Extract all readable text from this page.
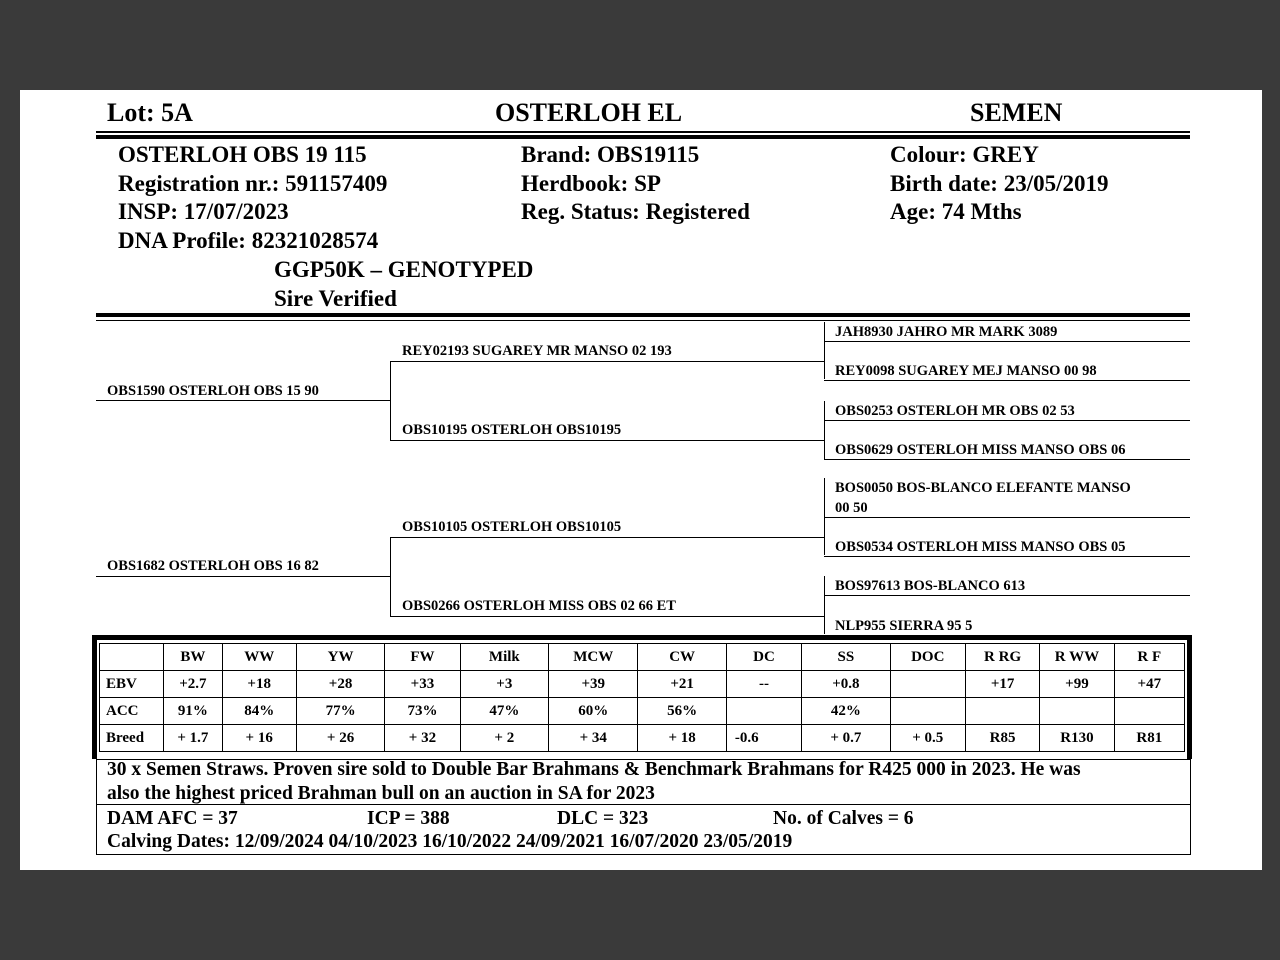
Lot: 5A	OSTERLOH EL	SEMEN
OSTERLOH OBS 19 115
Registration nr.: 591157409
INSP: 17/07/2023
DNA Profile: 82321028574
GGP50K – GENOTYPED
Sire Verified
Brand: OBS19115
Herdbook: SP
Reg. Status: Registered
Colour: GREY
Birth date: 23/05/2019
Age: 74 Mths
OBS1590 OSTERLOH OBS 15 90
OBS1682 OSTERLOH OBS 16 82
REY02193 SUGAREY MR MANSO 02 193
OBS10195 OSTERLOH OBS10195
OBS10105 OSTERLOH OBS10105
OBS0266 OSTERLOH MISS OBS 02 66 ET
JAH8930 JAHRO MR MARK 3089
REY0098 SUGAREY MEJ MANSO 00 98
OBS0253 OSTERLOH MR OBS 02 53
OBS0629 OSTERLOH MISS MANSO OBS 06
BOS0050 BOS-BLANCO ELEFANTE MANSO
00 50
OBS0534 OSTERLOH MISS MANSO OBS 05
BOS97613 BOS-BLANCO 613
NLP955 SIERRA 95 5
	BW	WW	YW	FW	Milk	MCW	CW	DC	SS	DOC	R RG	R WW	R F
EBV	+2.7	+18	+28	+33	+3	+39	+21	--	+0.8		+17	+99	+47
ACC	91%	84%	77%	73%	47%	60%	56%		42%				
Breed	+ 1.7	+ 16	+ 26	+ 32	+ 2	+ 34	+ 18	-0.6	+ 0.7	+ 0.5	R85	R130	R81
30 x Semen Straws. Proven sire sold to Double Bar Brahmans & Benchmark Brahmans for R425 000 in 2023. He was
also the highest priced Brahman bull on an auction in SA for 2023
DAM AFC = 37	ICP = 388	DLC = 323	No. of Calves = 6
Calving Dates: 12/09/2024 04/10/2023 16/10/2022 24/09/2021 16/07/2020 23/05/2019
